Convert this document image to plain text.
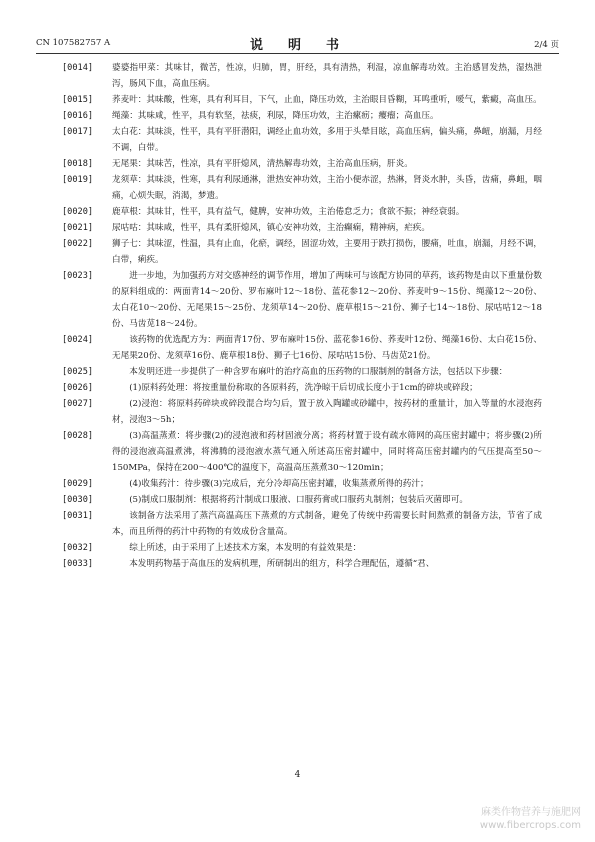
CN 107582757 A	说　明　书	2/4 页
[0014]	婆婆指甲菜：其味甘，微苦，性凉，归肺，胃，肝经，具有清热，利湿，凉血解毒功效。主治感冒发热，湿热泄泻，肠风下血，高血压病。
[0015]	荞麦叶：其味酸，性寒，具有利耳目，下气，止血，降压功效，主治眼目昏糊，耳鸣重听，嗳气，紫癜，高血压。
[0016]	绳藻：其味咸，性平，具有软坚，祛痰，利尿，降压功效，主治瘰疬；瘿瘤；高血压。
[0017]	太白花：其味淡，性平，具有平肝潜阳，调经止血功效，多用于头晕目眩，高血压病，偏头痛，鼻衄，崩漏，月经不调，白带。
[0018]	无尾果：其味苦，性凉，具有平肝熄风，清热解毒功效，主治高血压病，肝炎。
[0019]	龙须草：其味淡，性寒，具有利尿通淋，泄热安神功效，主治小便赤涩，热淋，肾炎水肿，头昏，齿痛，鼻衄，咽痛，心烦失眠，消渴，梦遗。
[0020]	鹿草根：其味甘，性平，具有益气，健脾，安神功效，主治倦怠乏力；食欲不振；神经衰弱。
[0021]	尿咕咕：其味咸，性平，具有柔肝熄风，镇心安神功效，主治癫痫，精神病，疟疾。
[0022]	狮子七：其味涩，性温，具有止血，化瘀，调经，固涩功效，主要用于跌打损伤，腰痛，吐血，崩漏，月经不调，白带，痢疾。
[0023]	进一步地，为加强药方对交感神经的调节作用，增加了两味可与该配方协同的草药，该药物是由以下重量份数的原料组成的：两面青14～20份、罗布麻叶12～18份、蓝花参12～20份、荞麦叶9～15份、绳藻12～20份、太白花10～20份、无尾果15～25份、龙须草14～20份、鹿草根15～21份、狮子七14～18份、尿咕咕12～18份、马齿苋18～24份。
[0024]	该药物的优选配方为：两面青17份、罗布麻叶15份、蓝花参16份、荞麦叶12份、绳藻16份、太白花15份、无尾果20份、龙须草16份、鹿草根18份、狮子七16份、尿咕咕15份、马齿苋21份。
[0025]	本发明还进一步提供了一种含罗布麻叶的治疗高血的压药物的口服制剂的制备方法，包括以下步骤：
[0026]	(1)原料药处理：将按重量份称取的各原料药，洗净晾干后切成长度小于1cm的碎块或碎段；
[0027]	(2)浸泡：将原料药碎块或碎段混合均匀后，置于放入陶罐或砂罐中，按药材的重量计，加入等量的水浸泡药材，浸泡3～5h；
[0028]	(3)高温蒸煮：将步骤(2)的浸泡液和药材固液分离；将药材置于设有疏水筛网的高压密封罐中；将步骤(2)所得的浸泡液高温煮沸，将沸腾的浸泡液水蒸气通入所述高压密封罐中，同时将高压密封罐内的气压提高至50～150MPa，保持在200～400℃的温度下，高温高压蒸煮30～120min；
[0029]	(4)收集药汁：待步骤(3)完成后，充分冷却高压密封罐，收集蒸煮所得的药汁；
[0030]	(5)制成口服制剂：根据将药汁制成口服液、口服药膏或口服药丸制剂；包装后灭菌即可。
[0031]	该制备方法采用了蒸汽高温高压下蒸煮的方式制备，避免了传统中药需要长时间熬煮的制备方法，节省了成本，而且所得的药汁中药物的有效成份含量高。
[0032]	综上所述，由于采用了上述技术方案，本发明的有益效果是：
[0033]	本发明药物基于高血压的发病机理，所研制出的组方，科学合理配伍，遵循“君、
4
麻类作物营养与施肥网
www.fibercrops.com
